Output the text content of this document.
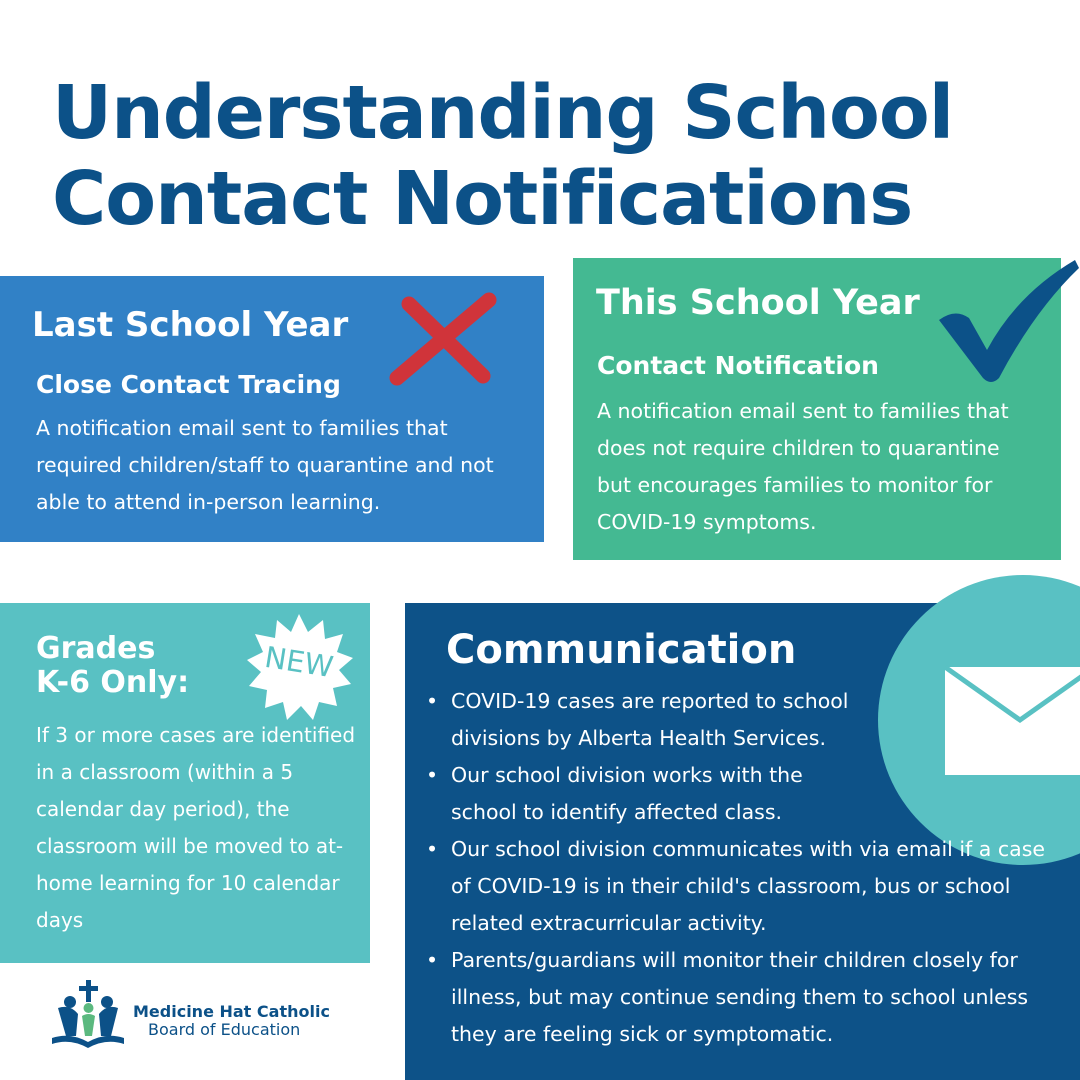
Understanding School
Contact Notifications
Last School Year
Close Contact Tracing
A notification email sent to families that required children/staff to quarantine and not able to attend in-person learning.
This School Year
Contact Notification
A notification email sent to families that does not require children to quarantine but encourages families to monitor for COVID-19 symptoms.
Grades
K-6 Only:	NEW
If 3 or more cases are identified in a classroom (within a 5 calendar day period), the classroom will be moved to at-home learning for 10 calendar days
Communication
• COVID-19 cases are reported to school divisions by Alberta Health Services.
• Our school division works with the school to identify affected class.
• Our school division communicates with via email if a case of COVID-19 is in their child's classroom, bus or school related extracurricular activity.
• Parents/guardians will monitor their children closely for illness, but may continue sending them to school unless they are feeling sick or symptomatic.
Medicine Hat Catholic
Board of Education
